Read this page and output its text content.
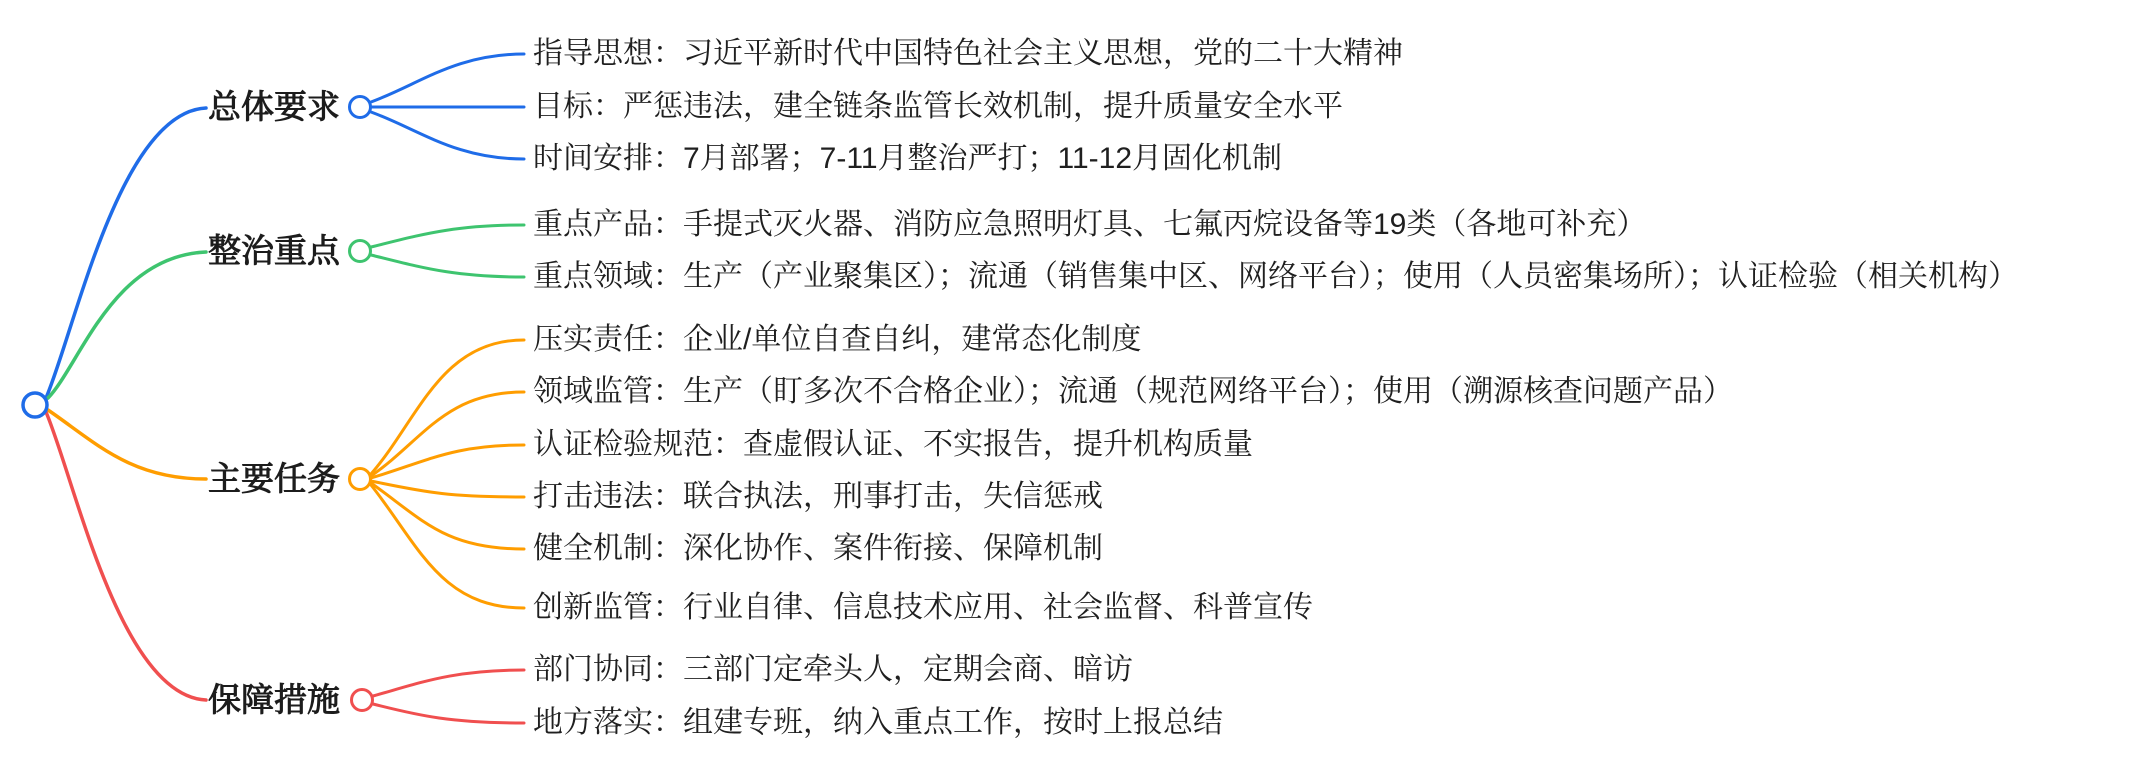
总体要求
整治重点
主要任务
保障措施
指导思想：习近平新时代中国特色社会主义思想，党的二十大精神
目标：严惩违法，建全链条监管长效机制，提升质量安全水平
时间安排：7月部署；7-11月整治严打；11-12月固化机制
重点产品：手提式灭火器、消防应急照明灯具、七氟丙烷设备等19类（各地可补充）
重点领域：生产（产业聚集区）；流通（销售集中区、网络平台）；使用（人员密集场所）；认证检验（相关机构）
压实责任：企业/单位自查自纠，建常态化制度
领域监管：生产（盯多次不合格企业）；流通（规范网络平台）；使用（溯源核查问题产品）
认证检验规范：查虚假认证、不实报告，提升机构质量
打击违法：联合执法，刑事打击，失信惩戒
健全机制：深化协作、案件衔接、保障机制
创新监管：行业自律、信息技术应用、社会监督、科普宣传
部门协同：三部门定牵头人，定期会商、暗访
地方落实：组建专班，纳入重点工作，按时上报总结
